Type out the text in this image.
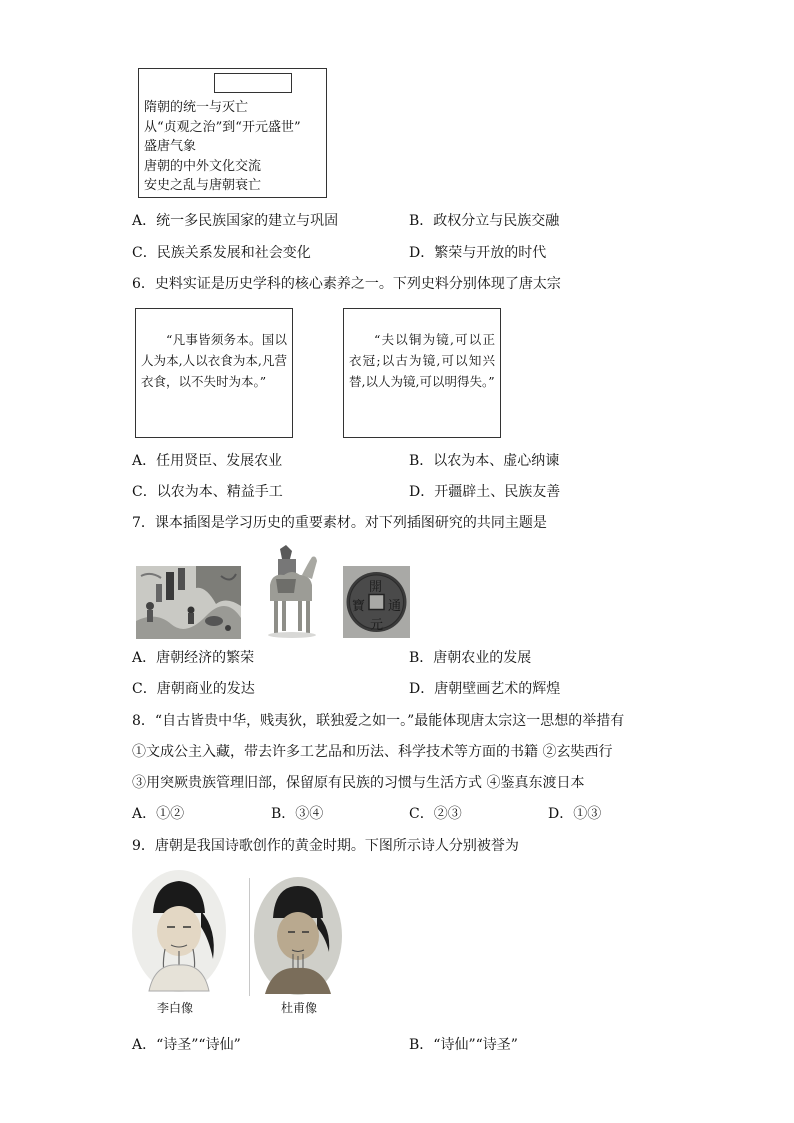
隋朝的统一与灭亡
从“贞观之治”到“开元盛世”
盛唐气象
唐朝的中外文化交流
安史之乱与唐朝衰亡
A．统一多民族国家的建立与巩固	B．政权分立与民族交融
C．民族关系发展和社会变化	D．繁荣与开放的时代
6．史料实证是历史学科的核心素养之一。下列史料分别体现了唐太宗
“凡事皆须务本。国以人为本,人以衣食为本,凡营衣食，以不失时为本。”
“夫以铜为镜,可以正衣冠;以古为镜,可以知兴替,以人为镜,可以明得失。”
A．任用贤臣、发展农业	B．以农为本、虚心纳谏
C．以农为本、精益手工	D．开疆辟土、民族友善
7．课本插图是学习历史的重要素材。对下列插图研究的共同主题是
開
元
通
寶
A．唐朝经济的繁荣	B．唐朝农业的发展
C．唐朝商业的发达	D．唐朝壁画艺术的辉煌
8．“自古皆贵中华，贱夷狄，联独爱之如一。”最能体现唐太宗这一思想的举措有
①文成公主入藏，带去许多工艺品和历法、科学技术等方面的书籍 ②玄奘西行
③用突厥贵族管理旧部，保留原有民族的习惯与生活方式 ④鉴真东渡日本
A．①②	B．③④	C．②③	D．①③
9．唐朝是我国诗歌创作的黄金时期。下图所示诗人分别被誉为
李白像	杜甫像
A．“诗圣”“诗仙”	B．“诗仙”“诗圣”
